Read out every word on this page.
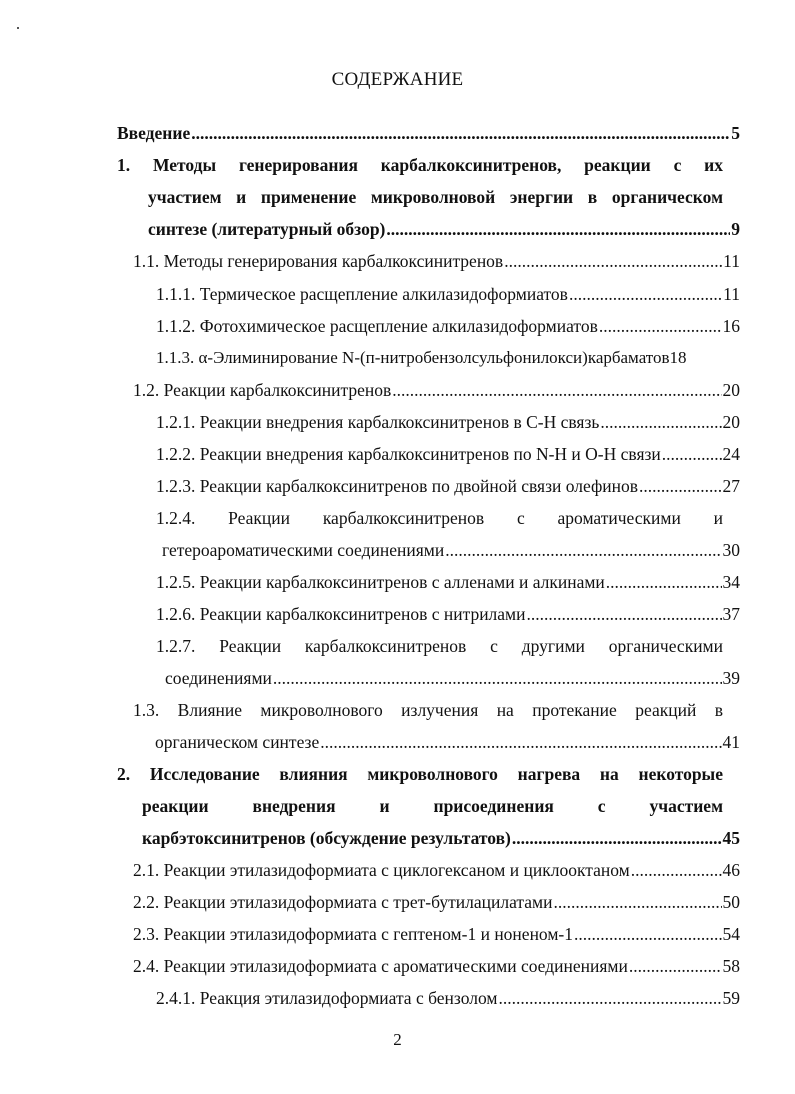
СОДЕРЖАНИЕ
Введение .....	5
1. Методы генерирования карбалкоксинитренов, реакции с их
участием и применение микроволновой энергии в органическом
синтезе (литературный обзор) .....	9
1.1. Методы генерирования карбалкоксинитренов .....	11
1.1.1. Термическое расщепление алкилазидоформиатов .....	11
1.1.2. Фотохимическое расщепление алкилазидоформиатов .....	16
1.1.3. α-Элиминирование N-(п-нитробензолсульфонилокси)карбаматов 18
1.2. Реакции карбалкоксинитренов .....	20
1.2.1. Реакции внедрения карбалкоксинитренов в С-Н связь .....	20
1.2.2. Реакции внедрения карбалкоксинитренов по N-H и О-Н связи .....	24
1.2.3. Реакции карбалкоксинитренов по двойной связи олефинов .....	27
1.2.4. Реакции карбалкоксинитренов с ароматическими и
гетероароматическими соединениями .....	30
1.2.5. Реакции карбалкоксинитренов с алленами и алкинами .....	34
1.2.6. Реакции карбалкоксинитренов с нитрилами .....	37
1.2.7. Реакции карбалкоксинитренов с другими органическими
соединениями .....	39
1.3. Влияние микроволнового излучения на протекание реакций в
органическом синтезе .....	41
2. Исследование влияния микроволнового нагрева на некоторые
реакции внедрения и присоединения с участием
карбэтоксинитренов (обсуждение результатов) .....	45
2.1. Реакции этилазидоформиата с циклогексаном и циклооктаном .....	46
2.2. Реакции этилазидоформиата с трет-бутилацилатами .....	50
2.3. Реакции этилазидоформиата с гептеном-1 и ноненом-1 .....	54
2.4. Реакции этилазидоформиата с ароматическими соединениями .....	58
2.4.1. Реакция этилазидоформиата с бензолом .....	59
2
